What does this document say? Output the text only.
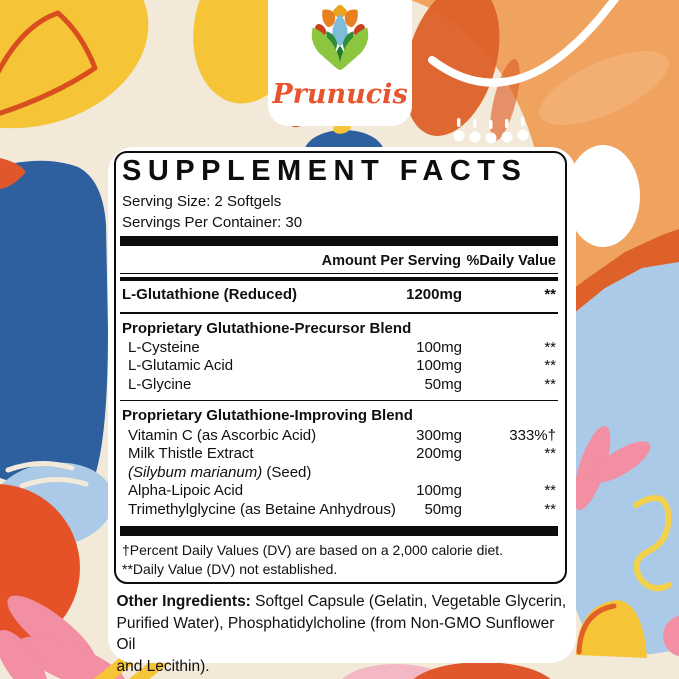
Prunucis
SUPPLEMENT FACTS
Serving Size: 2 Softgels
Servings Per Container: 30
Amount Per Serving %Daily Value
L-Glutathione (Reduced)	1200mg	**
Proprietary Glutathione-Precursor Blend
L-Cysteine	100mg	**
L-Glutamic Acid	100mg	**
L-Glycine	50mg	**
Proprietary Glutathione-Improving Blend
Vitamin C (as Ascorbic Acid)	300mg	333%†
Milk Thistle Extract	200mg	**
(Silybum marianum) (Seed)
Alpha-Lipoic Acid	100mg	**
Trimethylglycine (as Betaine Anhydrous) 50mg	**
†Percent Daily Values (DV) are based on a 2,000 calorie diet.
**Daily Value (DV) not established.
Other Ingredients: Softgel Capsule (Gelatin, Vegetable Glycerin,
Purified Water), Phosphatidylcholine (from Non-GMO Sunflower Oil
and Lecithin).
